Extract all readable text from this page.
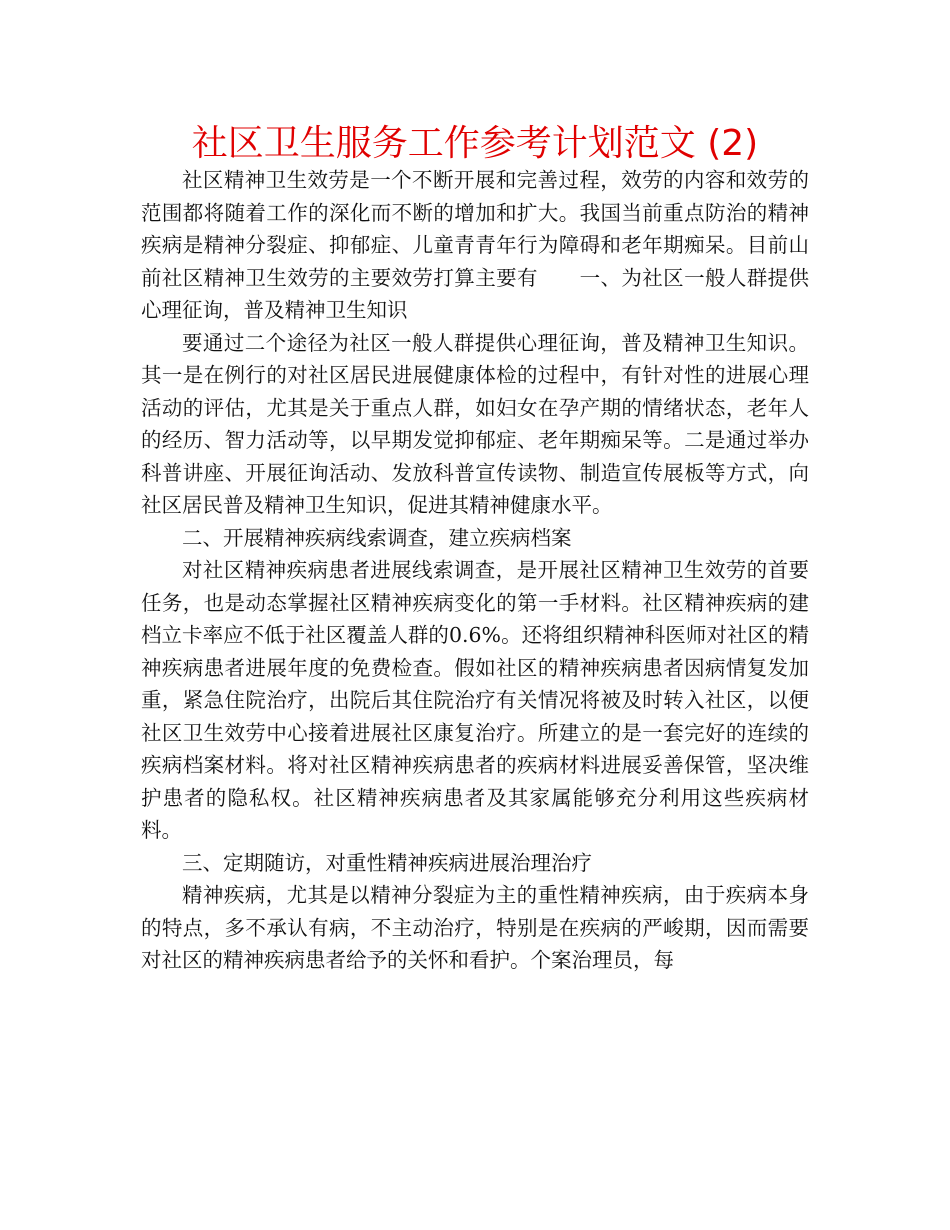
社区卫生服务工作参考计划范文 (2)

社区精神卫生效劳是一个不断开展和完善过程，效劳的内容和效劳的范围都将随着工作的深化而不断的增加和扩大。我国当前重点防治的精神疾病是精神分裂症、抑郁症、儿童青青年行为障碍和老年期痴呆。目前山前社区精神卫生效劳的主要效劳打算主要有　　一、为社区一般人群提供心理征询，普及精神卫生知识

要通过二个途径为社区一般人群提供心理征询，普及精神卫生知识。其一是在例行的对社区居民进展健康体检的过程中，有针对性的进展心理活动的评估，尤其是关于重点人群，如妇女在孕产期的情绪状态，老年人的经历、智力活动等，以早期发觉抑郁症、老年期痴呆等。二是通过举办科普讲座、开展征询活动、发放科普宣传读物、制造宣传展板等方式，向社区居民普及精神卫生知识，促进其精神健康水平。

二、开展精神疾病线索调查，建立疾病档案

对社区精神疾病患者进展线索调查，是开展社区精神卫生效劳的首要任务，也是动态掌握社区精神疾病变化的第一手材料。社区精神疾病的建档立卡率应不低于社区覆盖人群的0.6%。还将组织精神科医师对社区的精神疾病患者进展年度的免费检查。假如社区的精神疾病患者因病情复发加重，紧急住院治疗，出院后其住院治疗有关情况将被及时转入社区，以便社区卫生效劳中心接着进展社区康复治疗。所建立的是一套完好的连续的疾病档案材料。将对社区精神疾病患者的疾病材料进展妥善保管，坚决维护患者的隐私权。社区精神疾病患者及其家属能够充分利用这些疾病材料。

三、定期随访，对重性精神疾病进展治理治疗

精神疾病，尤其是以精神分裂症为主的重性精神疾病，由于疾病本身的特点，多不承认有病，不主动治疗，特别是在疾病的严峻期，因而需要对社区的精神疾病患者给予的关怀和看护。个案治理员，每
